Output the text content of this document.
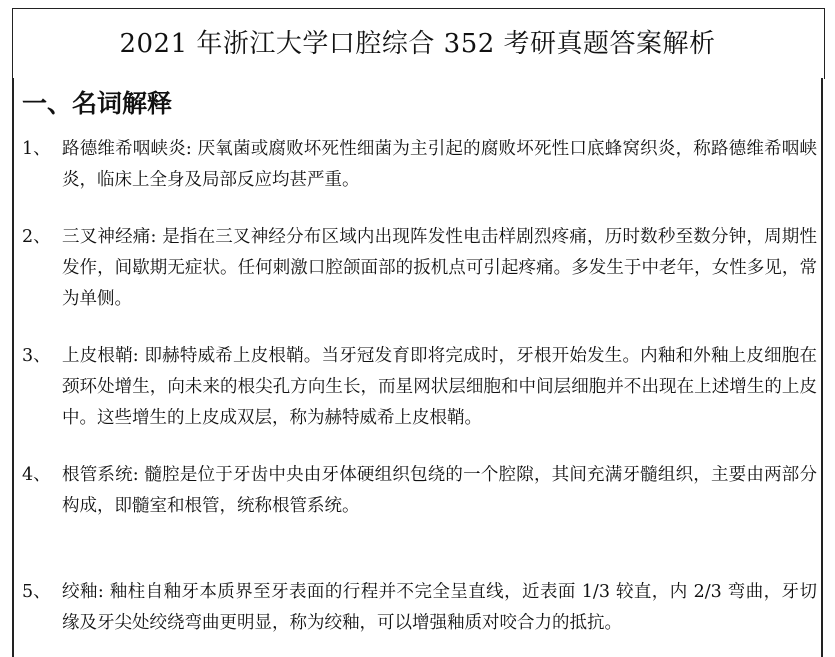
2021 年浙江大学口腔综合 352 考研真题答案解析
一、名词解释
1、 路德维希咽峡炎: 厌氧菌或腐败坏死性细菌为主引起的腐败坏死性口底蜂窝织炎，称路德维希咽峡炎，临床上全身及局部反应均甚严重。
2、 三叉神经痛: 是指在三叉神经分布区域内出现阵发性电击样剧烈疼痛，历时数秒至数分钟，周期性发作，间歇期无症状。任何刺激口腔颌面部的扳机点可引起疼痛。多发生于中老年，女性多见，常为单侧。
3、 上皮根鞘: 即赫特威希上皮根鞘。当牙冠发育即将完成时，牙根开始发生。内釉和外釉上皮细胞在颈环处增生，向未来的根尖孔方向生长，而星网状层细胞和中间层细胞并不出现在上述增生的上皮中。这些增生的上皮成双层，称为赫特威希上皮根鞘。
4、 根管系统: 髓腔是位于牙齿中央由牙体硬组织包绕的一个腔隙，其间充满牙髓组织，主要由两部分构成，即髓室和根管，统称根管系统。
5、 绞釉: 釉柱自釉牙本质界至牙表面的行程并不完全呈直线，近表面 1/3 较直，内 2/3 弯曲，牙切缘及牙尖处绞绕弯曲更明显，称为绞釉，可以增强釉质对咬合力的抵抗。
